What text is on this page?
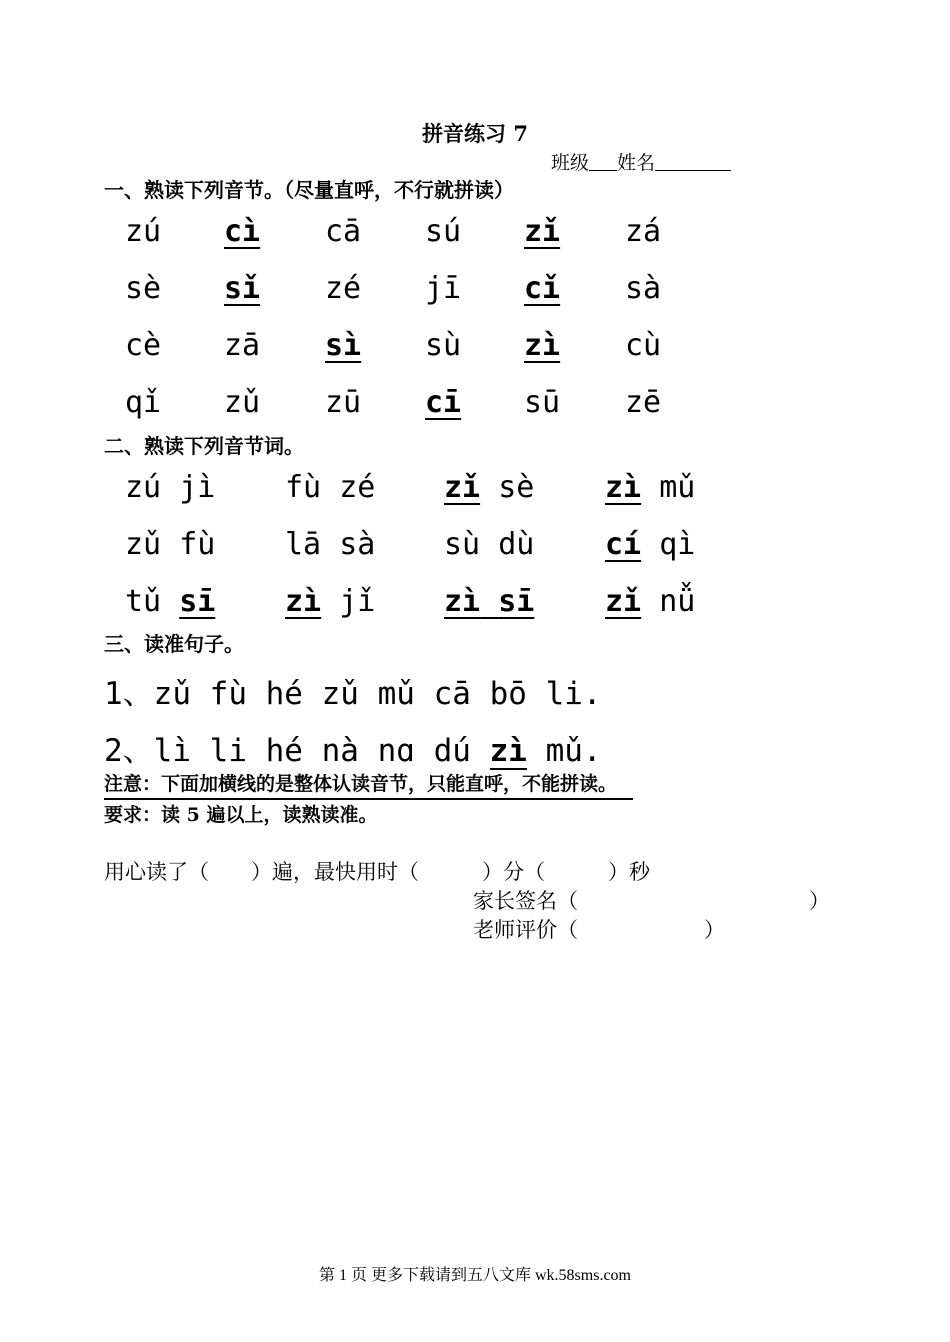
拼音练习 7
班级 姓名
一、熟读下列音节。（尽量直呼，不行就拼读）
zú cì cā sú zǐ zá
sè sǐ zé jī cǐ sà
cè zā sì sù zì cù
qǐ zǔ zū cī sū zē
二、熟读下列音节词。
zú jì fù zé zǐ sè zì mǔ
zǔ fù lā sà sù dù cí qì
tǔ sī zì jǐ zì sī zǐ nǚ
三、读准句子。
1、zǔ fù hé zǔ mǔ cā bō li.
2、lì li hé nà nɑ dú zì mǔ.
注意：下面加横线的是整体认读音节，只能直呼，不能拼读。
要求：读 5 遍以上，读熟读准。
用心读了（　　）遍，最快用时（　　　）分（　　　）秒
家长签名（　　　　　　　　　　　）
老师评价（　　　　　　）
第 1 页 更多下载请到五八文库 wk.58sms.com
